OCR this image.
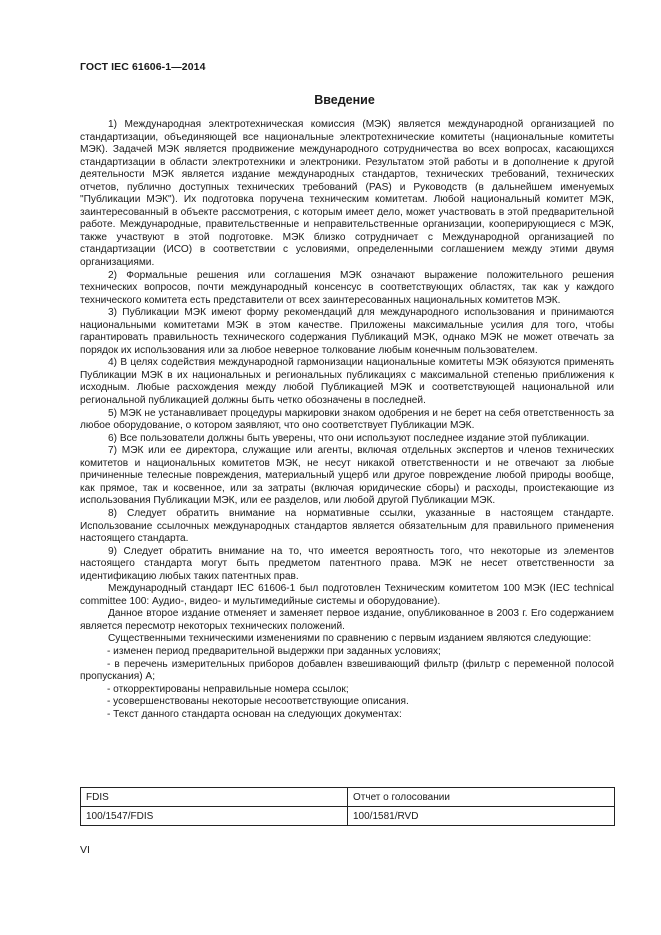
ГОСТ IEC 61606-1—2014
Введение

1) Международная электротехническая комиссия (МЭК) является международной организацией по стандартизации, объединяющей все национальные электротехнические комитеты (национальные комитеты МЭК). Задачей МЭК является продвижение международного сотрудничества во всех вопросах, касающихся стандартизации в области электротехники и электроники. Результатом этой работы и в дополнение к другой деятельности МЭК является издание международных стандартов, технических требований, технических отчетов, публично доступных технических требований (PAS) и Руководств (в дальнейшем именуемых "Публикации МЭК"). Их подготовка поручена техническим комитетам. Любой национальный комитет МЭК, заинтересованный в объекте рассмотрения, с которым имеет дело, может участвовать в этой предварительной работе. Международные, правительственные и неправительственные организации, кооперирующиеся с МЭК, также участвуют в этой подготовке. МЭК близко сотрудничает с Международной организацией по стандартизации (ИСО) в соответствии с условиями, определенными соглашением между этими двумя организациями.

2) Формальные решения или соглашения МЭК означают выражение положительного решения технических вопросов, почти международный консенсус в соответствующих областях, так как у каждого технического комитета есть представители от всех заинтересованных национальных комитетов МЭК.

3) Публикации МЭК имеют форму рекомендаций для международного использования и принимаются национальными комитетами МЭК в этом качестве. Приложены максимальные усилия для того, чтобы гарантировать правильность технического содержания Публикаций МЭК, однако МЭК не может отвечать за порядок их использования или за любое неверное толкование любым конечным пользователем.

4) В целях содействия международной гармонизации национальные комитеты МЭК обязуются применять Публикации МЭК в их национальных и региональных публикациях с максимальной степенью приближения к исходным. Любые расхождения между любой Публикацией МЭК и соответствующей национальной или региональной публикацией должны быть четко обозначены в последней.

5) МЭК не устанавливает процедуры маркировки знаком одобрения и не берет на себя ответственность за любое оборудование, о котором заявляют, что оно соответствует Публикации МЭК.

6) Все пользователи должны быть уверены, что они используют последнее издание этой публикации.

7) МЭК или ее директора, служащие или агенты, включая отдельных экспертов и членов технических комитетов и национальных комитетов МЭК, не несут никакой ответственности и не отвечают за любые причиненные телесные повреждения, материальный ущерб или другое повреждение любой природы вообще, как прямое, так и косвенное, или за затраты (включая юридические сборы) и расходы, проистекающие из использования Публикации МЭК, или ее разделов, или любой другой Публикации МЭК.

8) Следует обратить внимание на нормативные ссылки, указанные в настоящем стандарте. Использование ссылочных международных стандартов является обязательным для правильного применения настоящего стандарта.

9) Следует обратить внимание на то, что имеется вероятность того, что некоторые из элементов настоящего стандарта могут быть предметом патентного права. МЭК не несет ответственности за идентификацию любых таких патентных прав.

Международный стандарт IEC 61606-1 был подготовлен Техническим комитетом 100 МЭК (IEC technical committee 100: Аудио-, видео- и мультимедийные системы и оборудование).

Данное второе издание отменяет и заменяет первое издание, опубликованное в 2003 г. Его содержанием является пересмотр некоторых технических положений.

Существенными техническими изменениями по сравнению с первым изданием являются следующие:

- изменен период предварительной выдержки при заданных условиях;

- в перечень измерительных приборов добавлен взвешивающий фильтр (фильтр с переменной полосой пропускания) А;

- откорректированы неправильные номера ссылок;

- усовершенствованы некоторые несоответствующие описания.

- Текст данного стандарта основан на следующих документах:

FDIS	Отчет о голосовании
100/1547/FDIS	100/1581/RVD
VI
